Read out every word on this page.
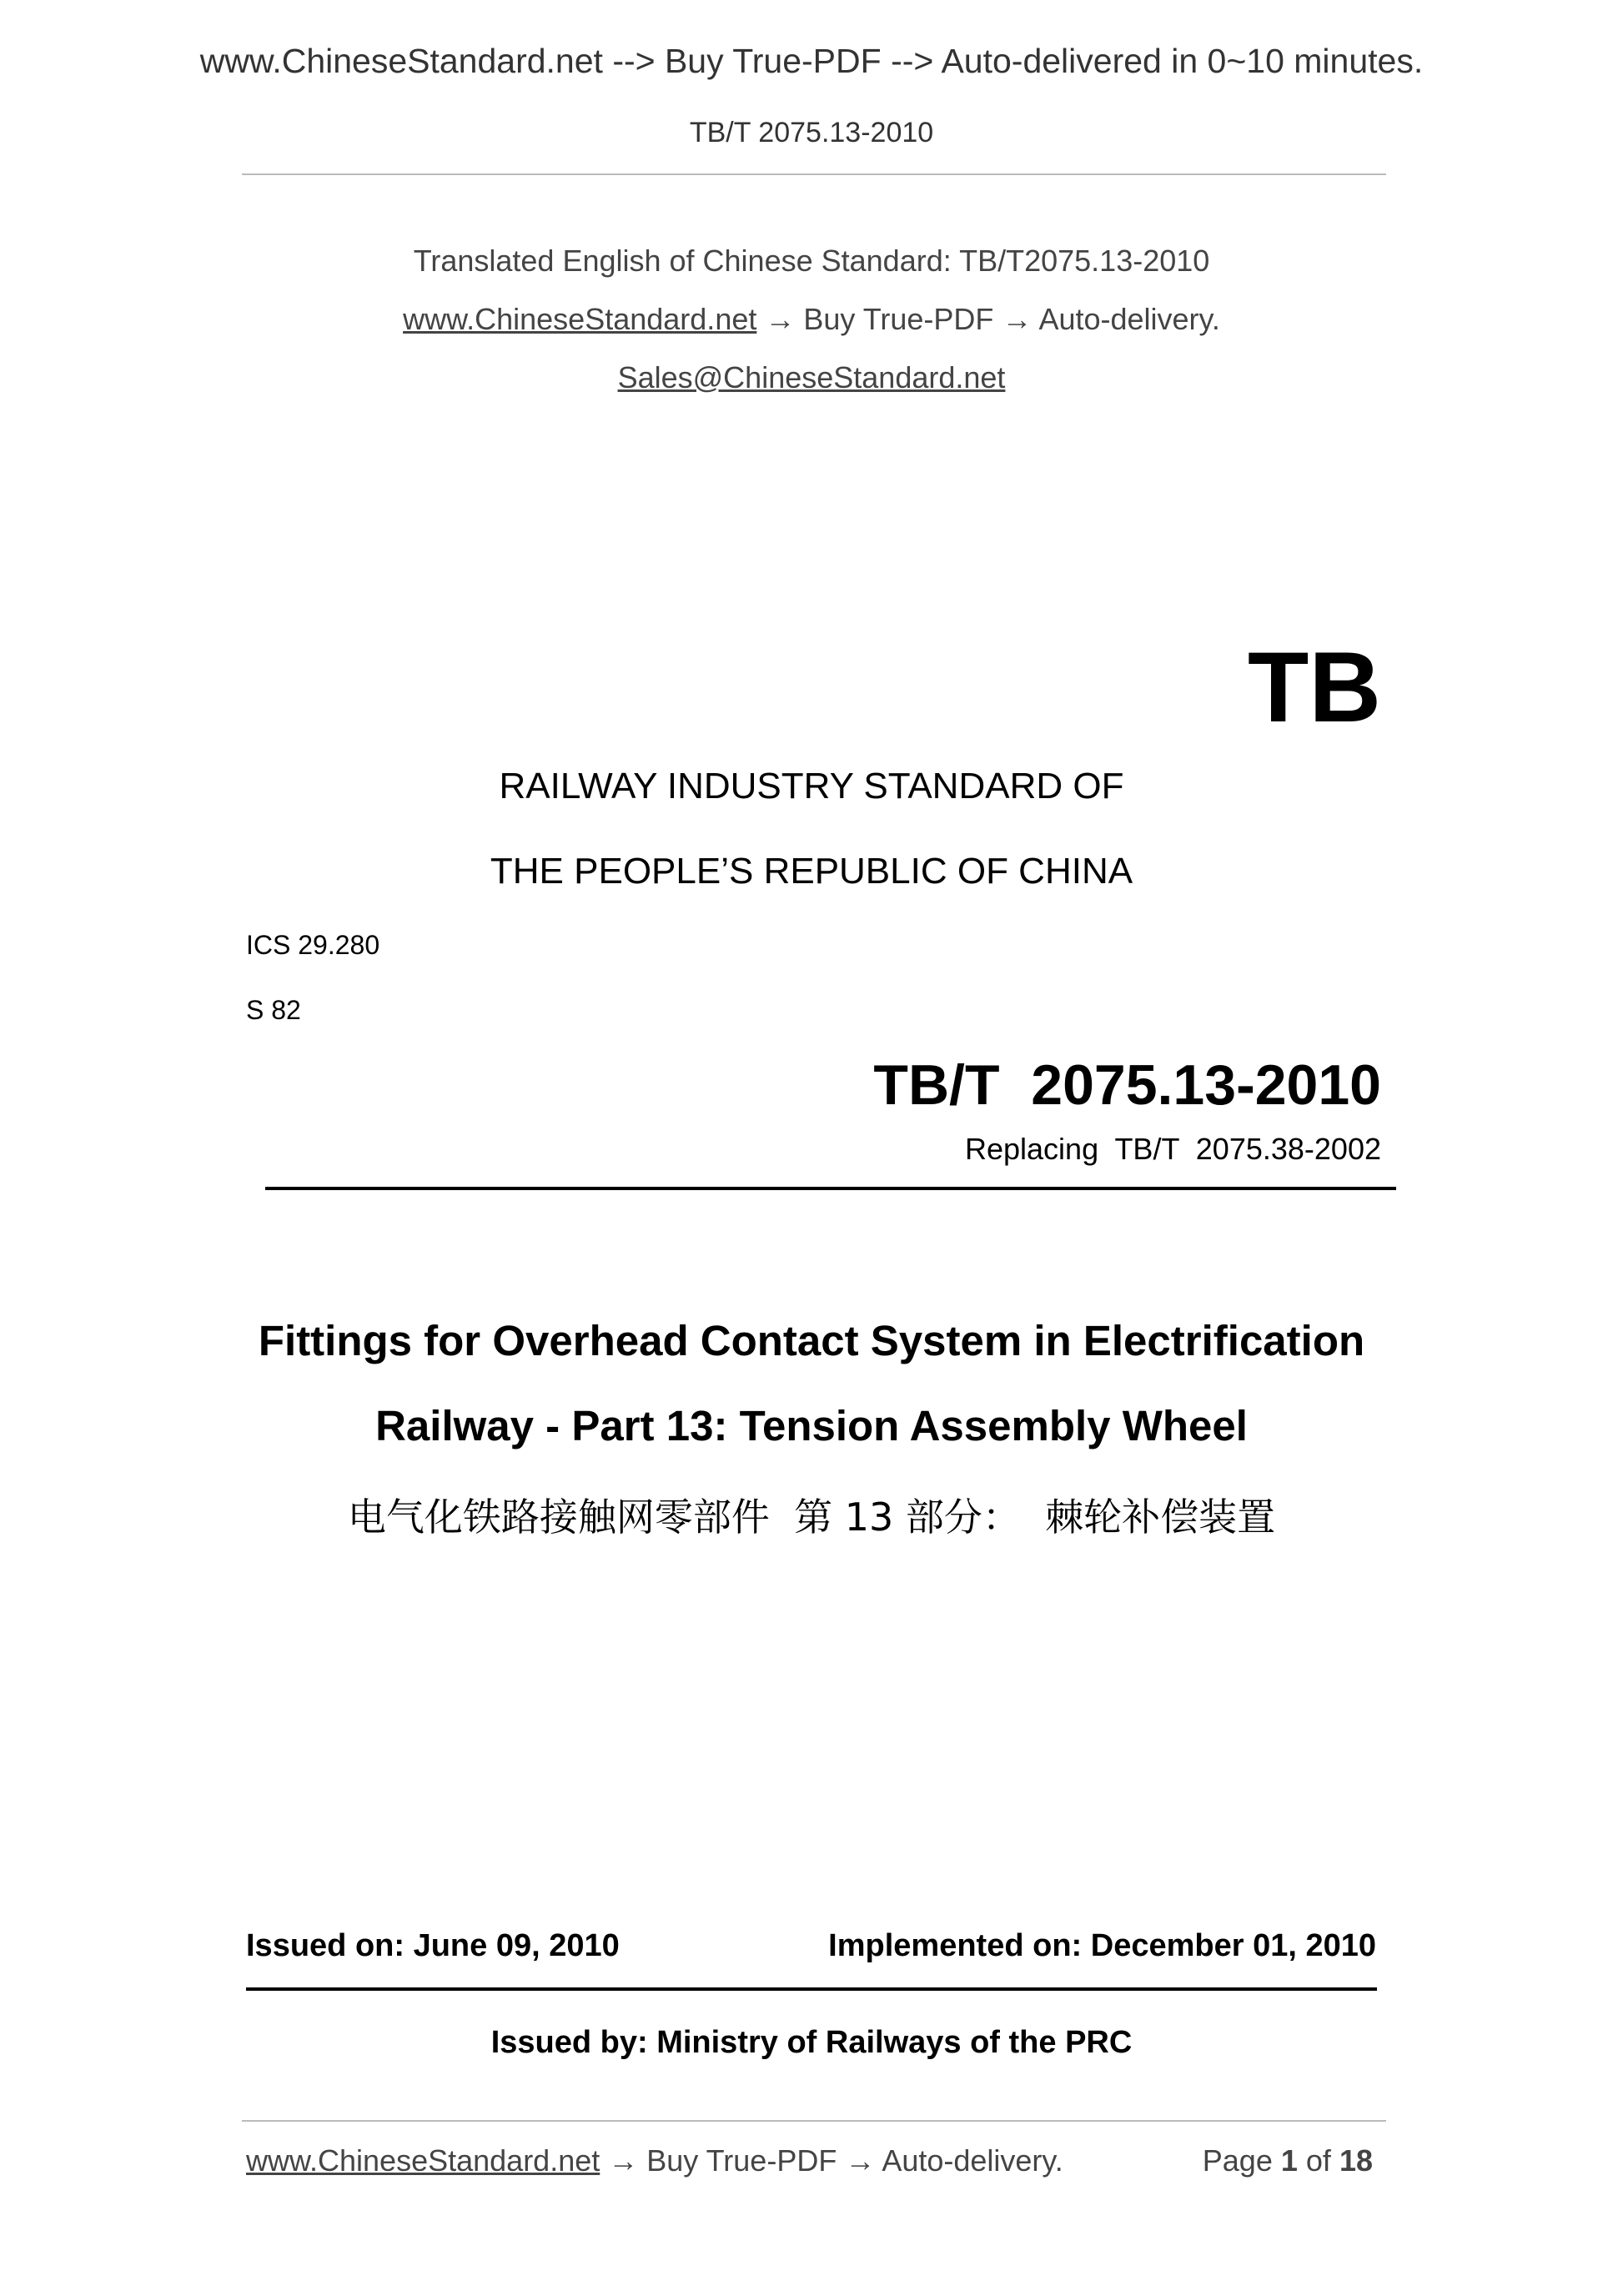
www.ChineseStandard.net --> Buy True-PDF --> Auto-delivered in 0~10 minutes.
TB/T 2075.13-2010
Translated English of Chinese Standard: TB/T2075.13-2010
www.ChineseStandard.net → Buy True-PDF → Auto-delivery.
Sales@ChineseStandard.net
TB
RAILWAY INDUSTRY STANDARD OF
THE PEOPLE’S REPUBLIC OF CHINA
ICS 29.280
S 82
TB/T  2075.13-2010
Replacing  TB/T  2075.38-2002
Fittings for Overhead Contact System in Electrification
Railway - Part 13: Tension Assembly Wheel
电气化铁路接触网零部件  第 13 部分：  棘轮补偿装置
Issued on: June 09, 2010	Implemented on: December 01, 2010
Issued by: Ministry of Railways of the PRC
www.ChineseStandard.net → Buy True-PDF → Auto-delivery.	Page 1 of 18
